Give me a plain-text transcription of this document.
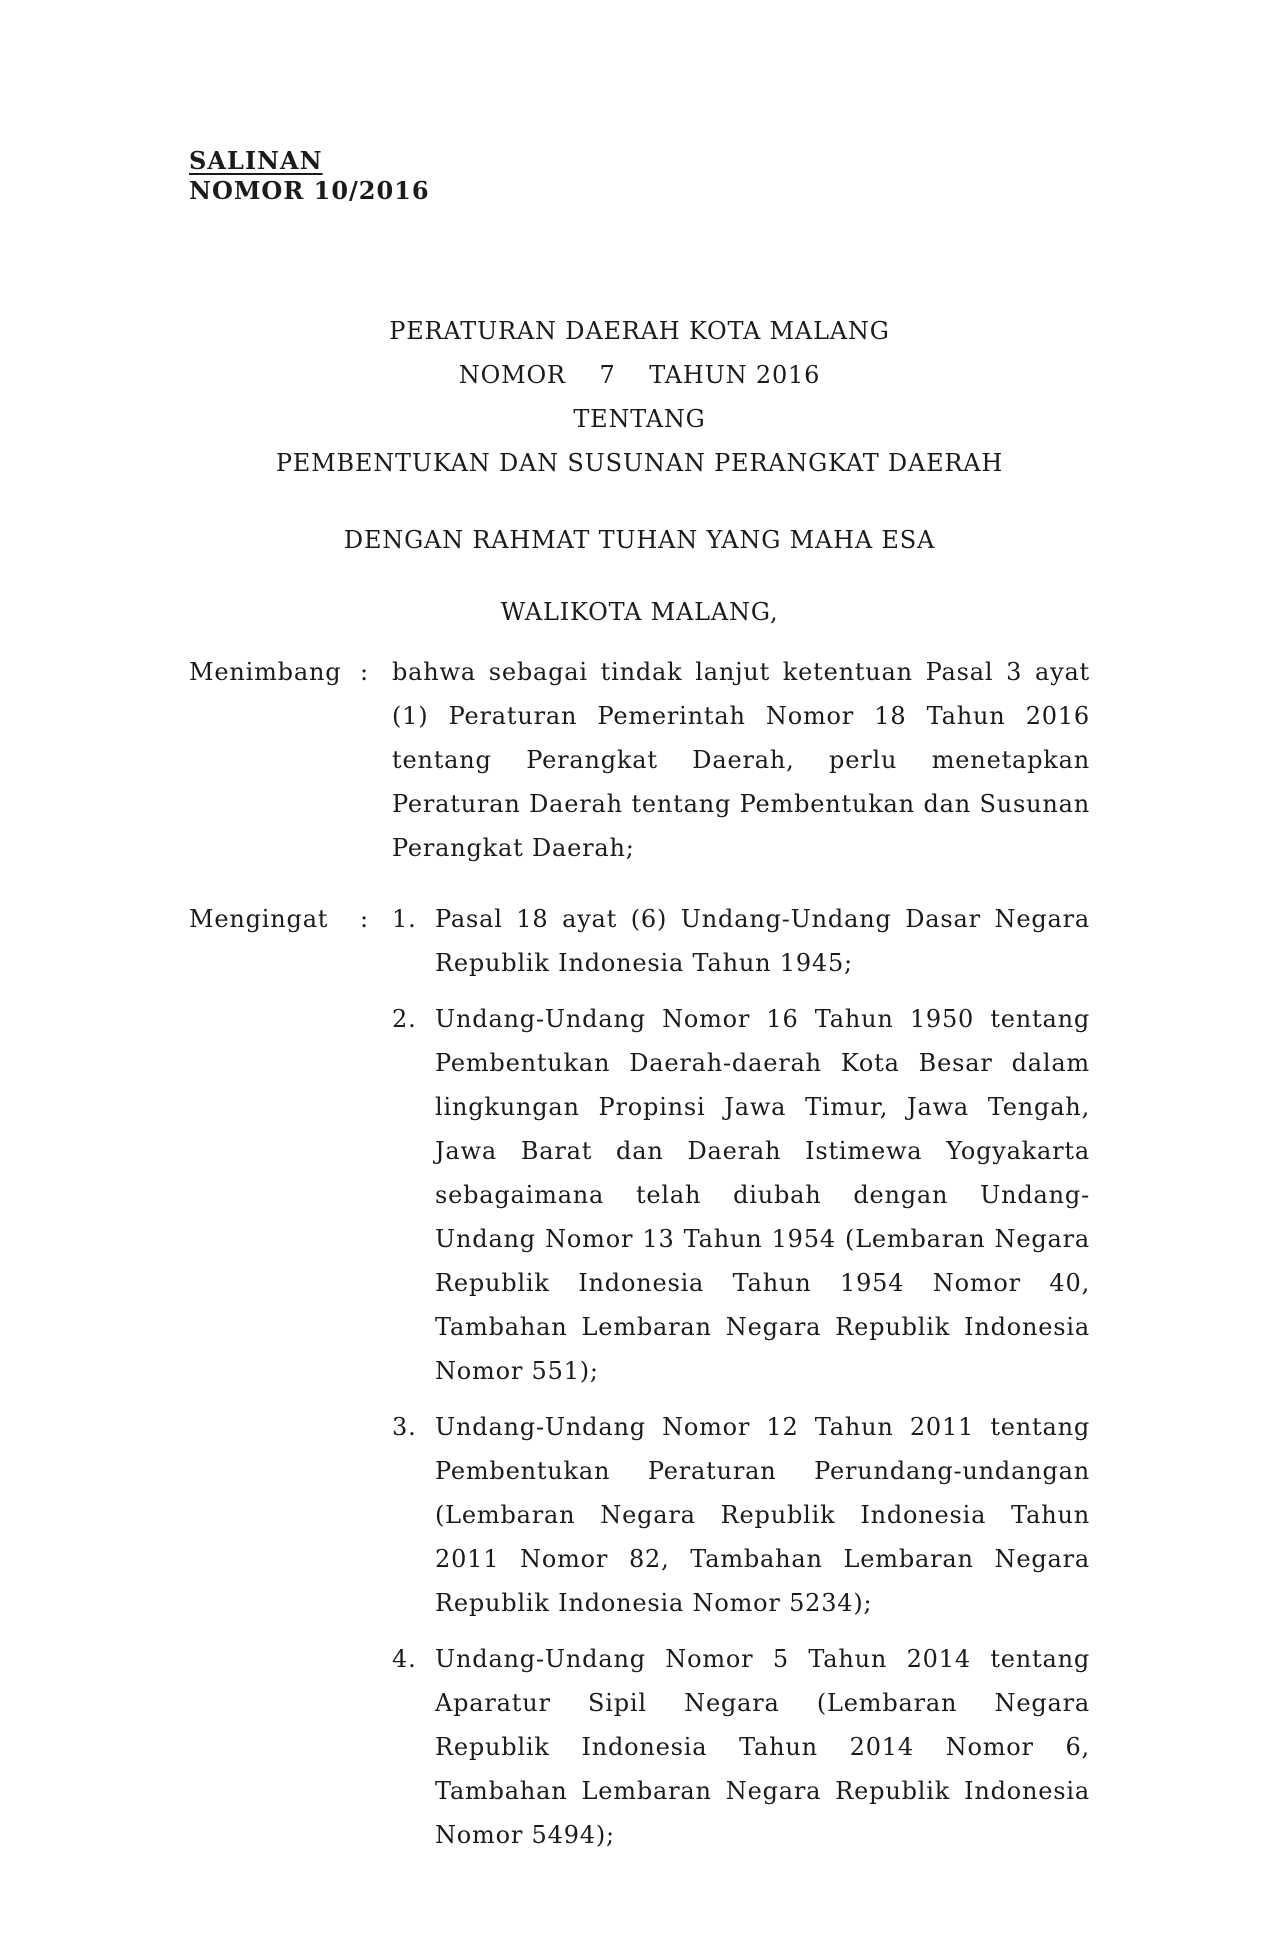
SALINAN
NOMOR 10/2016
PERATURAN DAERAH KOTA MALANG
NOMOR    7    TAHUN 2016
TENTANG
PEMBENTUKAN DAN SUSUNAN PERANGKAT DAERAH
DENGAN RAHMAT TUHAN YANG MAHA ESA
WALIKOTA MALANG,
Menimbang : bahwa sebagai tindak lanjut ketentuan Pasal 3 ayat (1) Peraturan Pemerintah Nomor 18 Tahun 2016 tentang Perangkat Daerah, perlu menetapkan Peraturan Daerah tentang Pembentukan dan Susunan Perangkat Daerah;

Mengingat	: 1. Pasal 18 ayat (6) Undang-Undang Dasar Negara Republik Indonesia Tahun 1945;

2. Undang-Undang Nomor 16 Tahun 1950 tentang Pembentukan Daerah-daerah Kota Besar dalam lingkungan Propinsi Jawa Timur, Jawa Tengah, Jawa Barat dan Daerah Istimewa Yogyakarta sebagaimana telah diubah dengan Undang-Undang Nomor 13 Tahun 1954 (Lembaran Negara Republik Indonesia Tahun 1954 Nomor 40, Tambahan Lembaran Negara Republik Indonesia Nomor 551);

3. Undang-Undang Nomor 12 Tahun 2011 tentang Pembentukan Peraturan Perundang-undangan (Lembaran Negara Republik Indonesia Tahun 2011 Nomor 82, Tambahan Lembaran Negara Republik Indonesia Nomor 5234);

4. Undang-Undang Nomor 5 Tahun 2014 tentang Aparatur Sipil Negara (Lembaran Negara Republik Indonesia Tahun 2014 Nomor 6, Tambahan Lembaran Negara Republik Indonesia Nomor 5494);
